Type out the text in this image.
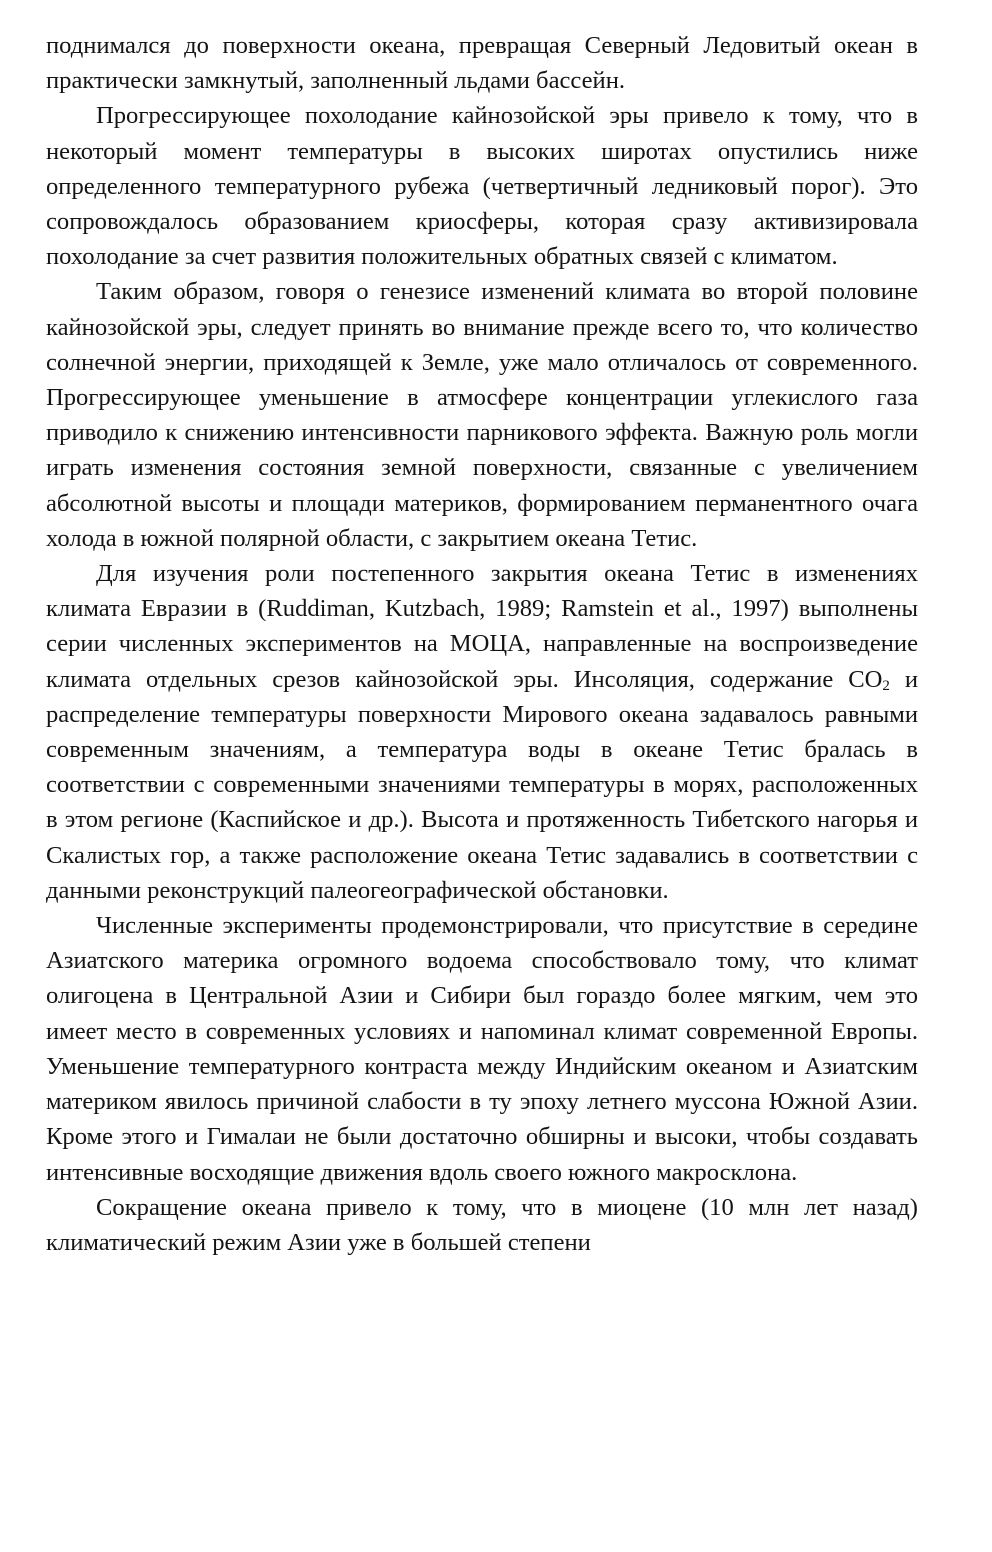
поднимался до поверхности океана, превращая Северный Ледовитый океан в практически замкнутый, заполненный льдами бассейн.

Прогрессирующее похолодание кайнозойской эры привело к тому, что в некоторый момент температуры в высоких широтах опустились ниже определенного температурного рубежа (четвертичный ледниковый порог). Это сопровождалось образованием криосферы, которая сразу активизировала похолодание за счет развития положительных обратных связей с климатом.

Таким образом, говоря о генезисе изменений климата во второй половине кайнозойской эры, следует принять во внимание прежде всего то, что количество солнечной энергии, приходящей к Земле, уже мало отличалось от современного. Прогрессирующее уменьшение в атмосфере концентрации углекислого газа приводило к снижению интенсивности парникового эффекта. Важную роль могли играть изменения состояния земной поверхности, связанные с увеличением абсолютной высоты и площади материков, формированием перманентного очага холода в южной полярной области, с закрытием океана Тетис.

Для изучения роли постепенного закрытия океана Тетис в изменениях климата Евразии в (Ruddiman, Kutzbach, 1989; Ramstein et al., 1997) выполнены серии численных экспериментов на МОЦА, направленные на воспроизведение климата отдельных срезов кайнозойской эры. Инсоляция, содержание $СО_2$ и распределение температуры поверхности Мирового океана задавалось равными современным значениям, а температура воды в океане Тетис бралась в соответствии с современными значениями температуры в морях, расположенных в этом регионе (Каспийское и др.). Высота и протяженность Тибетского нагорья и Скалистых гор, а также расположение океана Тетис задавались в соответствии с данными реконструкций палеогеографической обстановки.

Численные эксперименты продемонстрировали, что присутствие в середине Азиатского материка огромного водоема способствовало тому, что климат олигоцена в Центральной Азии и Сибири был гораздо более мягким, чем это имеет место в современных условиях и напоминал климат современной Европы. Уменьшение температурного контраста между Индийским океаном и Азиатским материком явилось причиной слабости в ту эпоху летнего муссона Южной Азии. Кроме этого и Гималаи не были достаточно обширны и высоки, чтобы создавать интенсивные восходящие движения вдоль своего южного макросклона.

Сокращение океана привело к тому, что в миоцене (10 млн лет назад) климатический режим Азии уже в большей степени
